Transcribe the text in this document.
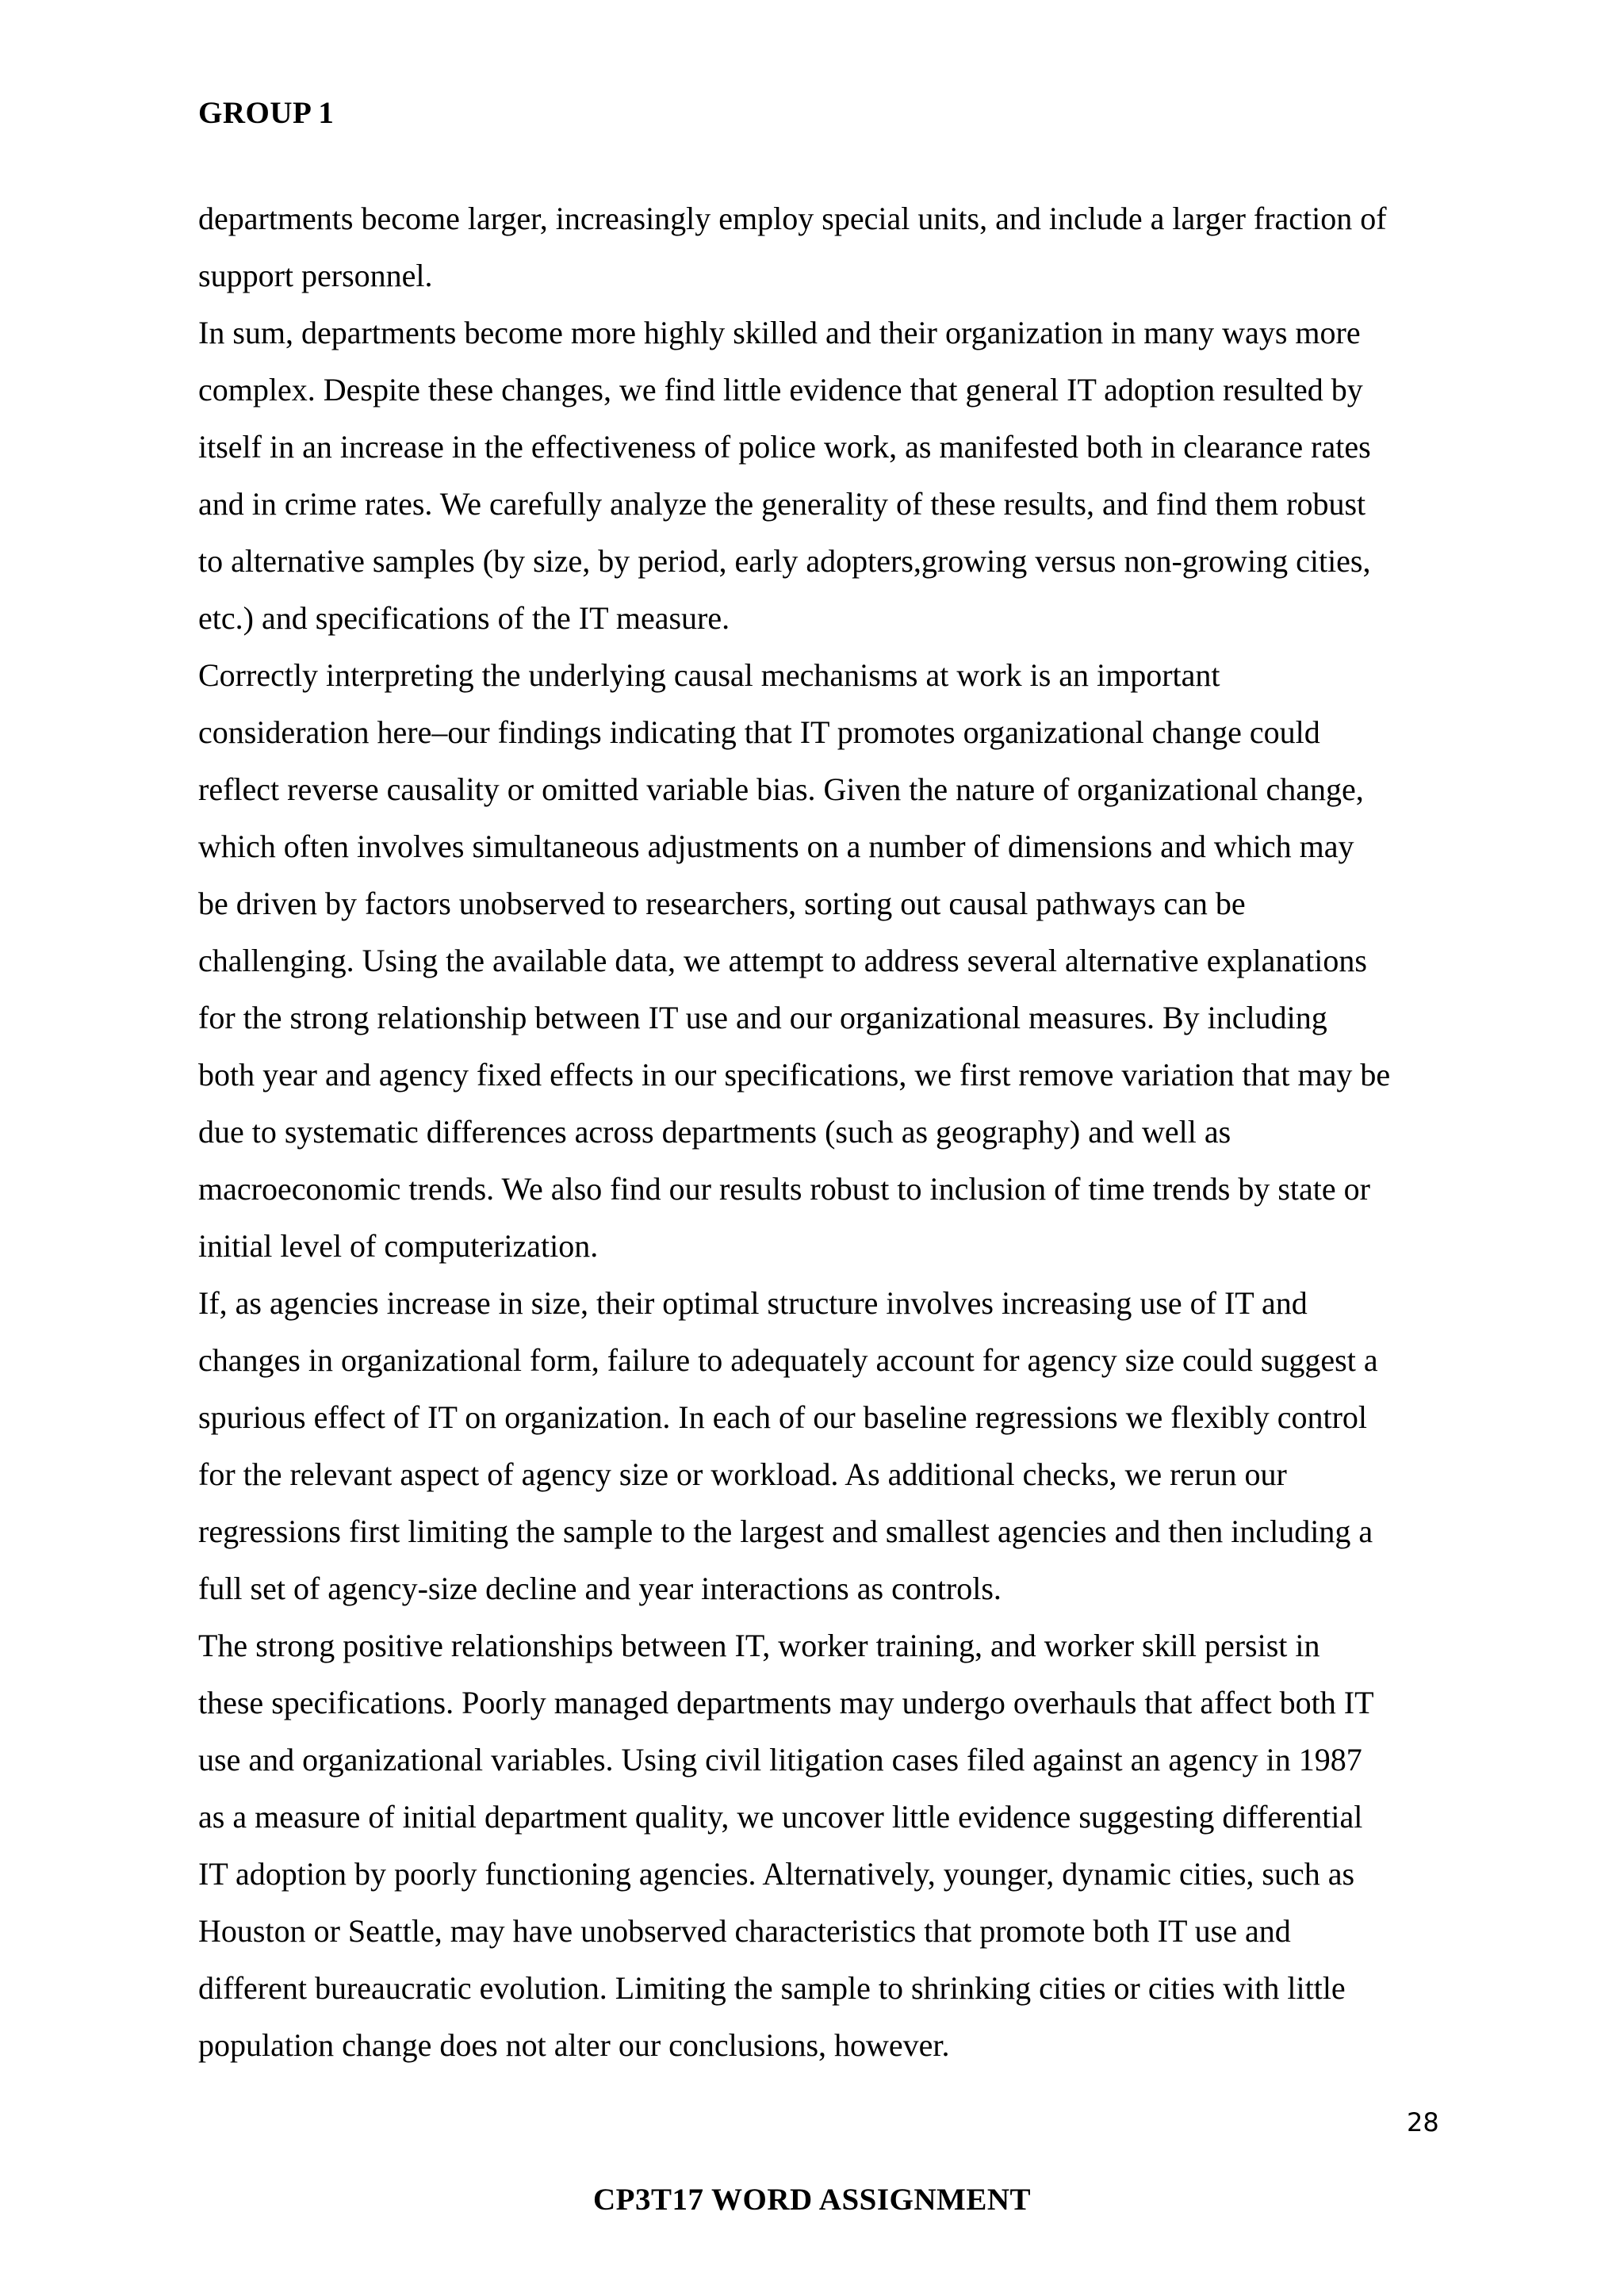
GROUP 1
departments become larger, increasingly employ special units, and include a larger fraction of
support personnel.
In sum, departments become more highly skilled and their organization in many ways more
complex. Despite these changes, we find little evidence that general IT adoption resulted by
itself in an increase in the effectiveness of police work, as manifested both in clearance rates
and in crime rates. We carefully analyze the generality of these results, and find them robust
to alternative samples (by size, by period, early adopters,growing versus non-growing cities,
etc.) and specifications of the IT measure.
Correctly interpreting the underlying causal mechanisms at work is an important
consideration here–our findings indicating that IT promotes organizational change could
reflect reverse causality or omitted variable bias. Given the nature of organizational change,
which often involves simultaneous adjustments on a number of dimensions and which may
be driven by factors unobserved to researchers, sorting out causal pathways can be
challenging. Using the available data, we attempt to address several alternative explanations
for the strong relationship between IT use and our organizational measures. By including
both year and agency fixed effects in our specifications, we first remove variation that may be
due to systematic differences across departments (such as geography) and well as
macroeconomic trends. We also find our results robust to inclusion of time trends by state or
initial level of computerization.
If, as agencies increase in size, their optimal structure involves increasing use of IT and
changes in organizational form, failure to adequately account for agency size could suggest a
spurious effect of IT on organization. In each of our baseline regressions we flexibly control
for the relevant aspect of agency size or workload. As additional checks, we rerun our
regressions first limiting the sample to the largest and smallest agencies and then including a
full set of agency-size decline and year interactions as controls.
The strong positive relationships between IT, worker training, and worker skill persist in
these specifications. Poorly managed departments may undergo overhauls that affect both IT
use and organizational variables. Using civil litigation cases filed against an agency in 1987
as a measure of initial department quality, we uncover little evidence suggesting differential
IT adoption by poorly functioning agencies. Alternatively, younger, dynamic cities, such as
Houston or Seattle, may have unobserved characteristics that promote both IT use and
different bureaucratic evolution. Limiting the sample to shrinking cities or cities with little
population change does not alter our conclusions, however.
28
CP3T17 WORD ASSIGNMENT
